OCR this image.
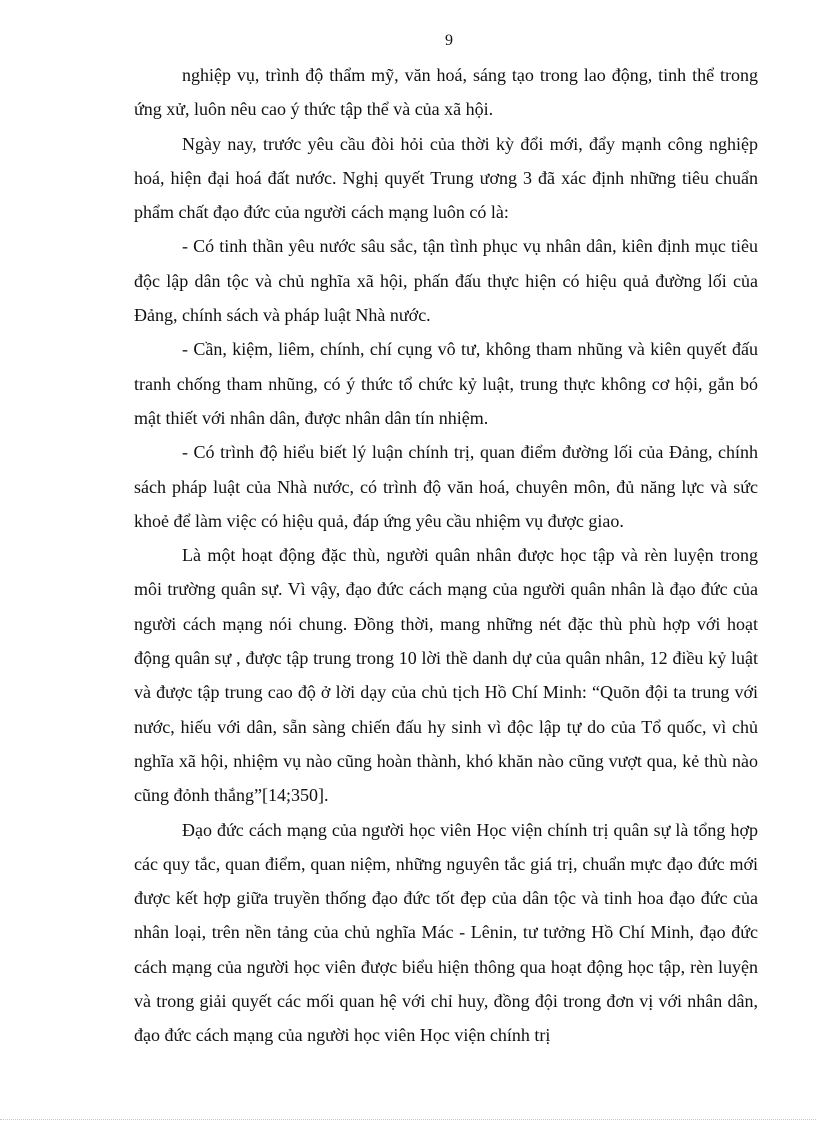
9

nghiệp vụ, trình độ thẩm mỹ, văn hoá, sáng tạo trong lao động, tinh thể trong ứng xử, luôn nêu cao ý thức tập thể và của xã hội.

Ngày nay, trước yêu cầu đòi hỏi của thời kỳ đổi mới, đẩy mạnh công nghiệp hoá, hiện đại hoá đất nước. Nghị quyết Trung ương 3 đã xác định những tiêu chuẩn phẩm chất đạo đức của người cách mạng luôn có là:

- Có tinh thần yêu nước sâu sắc, tận tình phục vụ nhân dân, kiên định mục tiêu độc lập dân tộc và chủ nghĩa xã hội, phấn đấu thực hiện có hiệu quả đường lối của Đảng, chính sách và pháp luật Nhà nước.

- Cần, kiệm, liêm, chính, chí cụng vô tư, không tham nhũng và kiên quyết đấu tranh chống tham nhũng, có ý thức tổ chức kỷ luật, trung thực không cơ hội, gắn bó mật thiết với nhân dân, được nhân dân tín nhiệm.

- Có trình độ hiểu biết lý luận chính trị, quan điểm đường lối của Đảng, chính sách pháp luật của Nhà nước, có trình độ văn hoá, chuyên môn, đủ năng lực và sức khoẻ để làm việc có hiệu quả, đáp ứng yêu cầu nhiệm vụ được giao.

Là một hoạt động đặc thù, người quân nhân được học tập và rèn luyện trong môi trường quân sự. Vì vậy, đạo đức cách mạng của người quân nhân là đạo đức của người cách mạng nói chung. Đồng thời, mang những nét đặc thù phù hợp với hoạt động quân sự , được tập trung trong 10 lời thề danh dự của quân nhân, 12 điều kỷ luật và được tập trung cao độ ở lời dạy của chủ tịch Hồ Chí Minh: “Quõn đội ta trung với nước, hiếu với dân, sẵn sàng chiến đấu hy sinh vì độc lập tự do của Tổ quốc, vì chủ nghĩa xã hội, nhiệm vụ nào cũng hoàn thành, khó khăn nào cũng vượt qua, kẻ thù nào cũng đỏnh thắng”[14;350].

Đạo đức cách mạng của người học viên Học viện chính trị quân sự là tổng hợp các quy tắc, quan điểm, quan niệm, những nguyên tắc giá trị, chuẩn mực đạo đức mới được kết hợp giữa truyền thống đạo đức tốt đẹp của dân tộc và tinh hoa đạo đức của nhân loại, trên nền tảng của chủ nghĩa Mác - Lênin, tư tưởng Hồ Chí Minh, đạo đức cách mạng của người học viên được biểu hiện thông qua hoạt động học tập, rèn luyện và trong giải quyết các mối quan hệ với chỉ huy, đồng đội trong đơn vị với nhân dân, đạo đức cách mạng của người học viên Học viện chính trị
